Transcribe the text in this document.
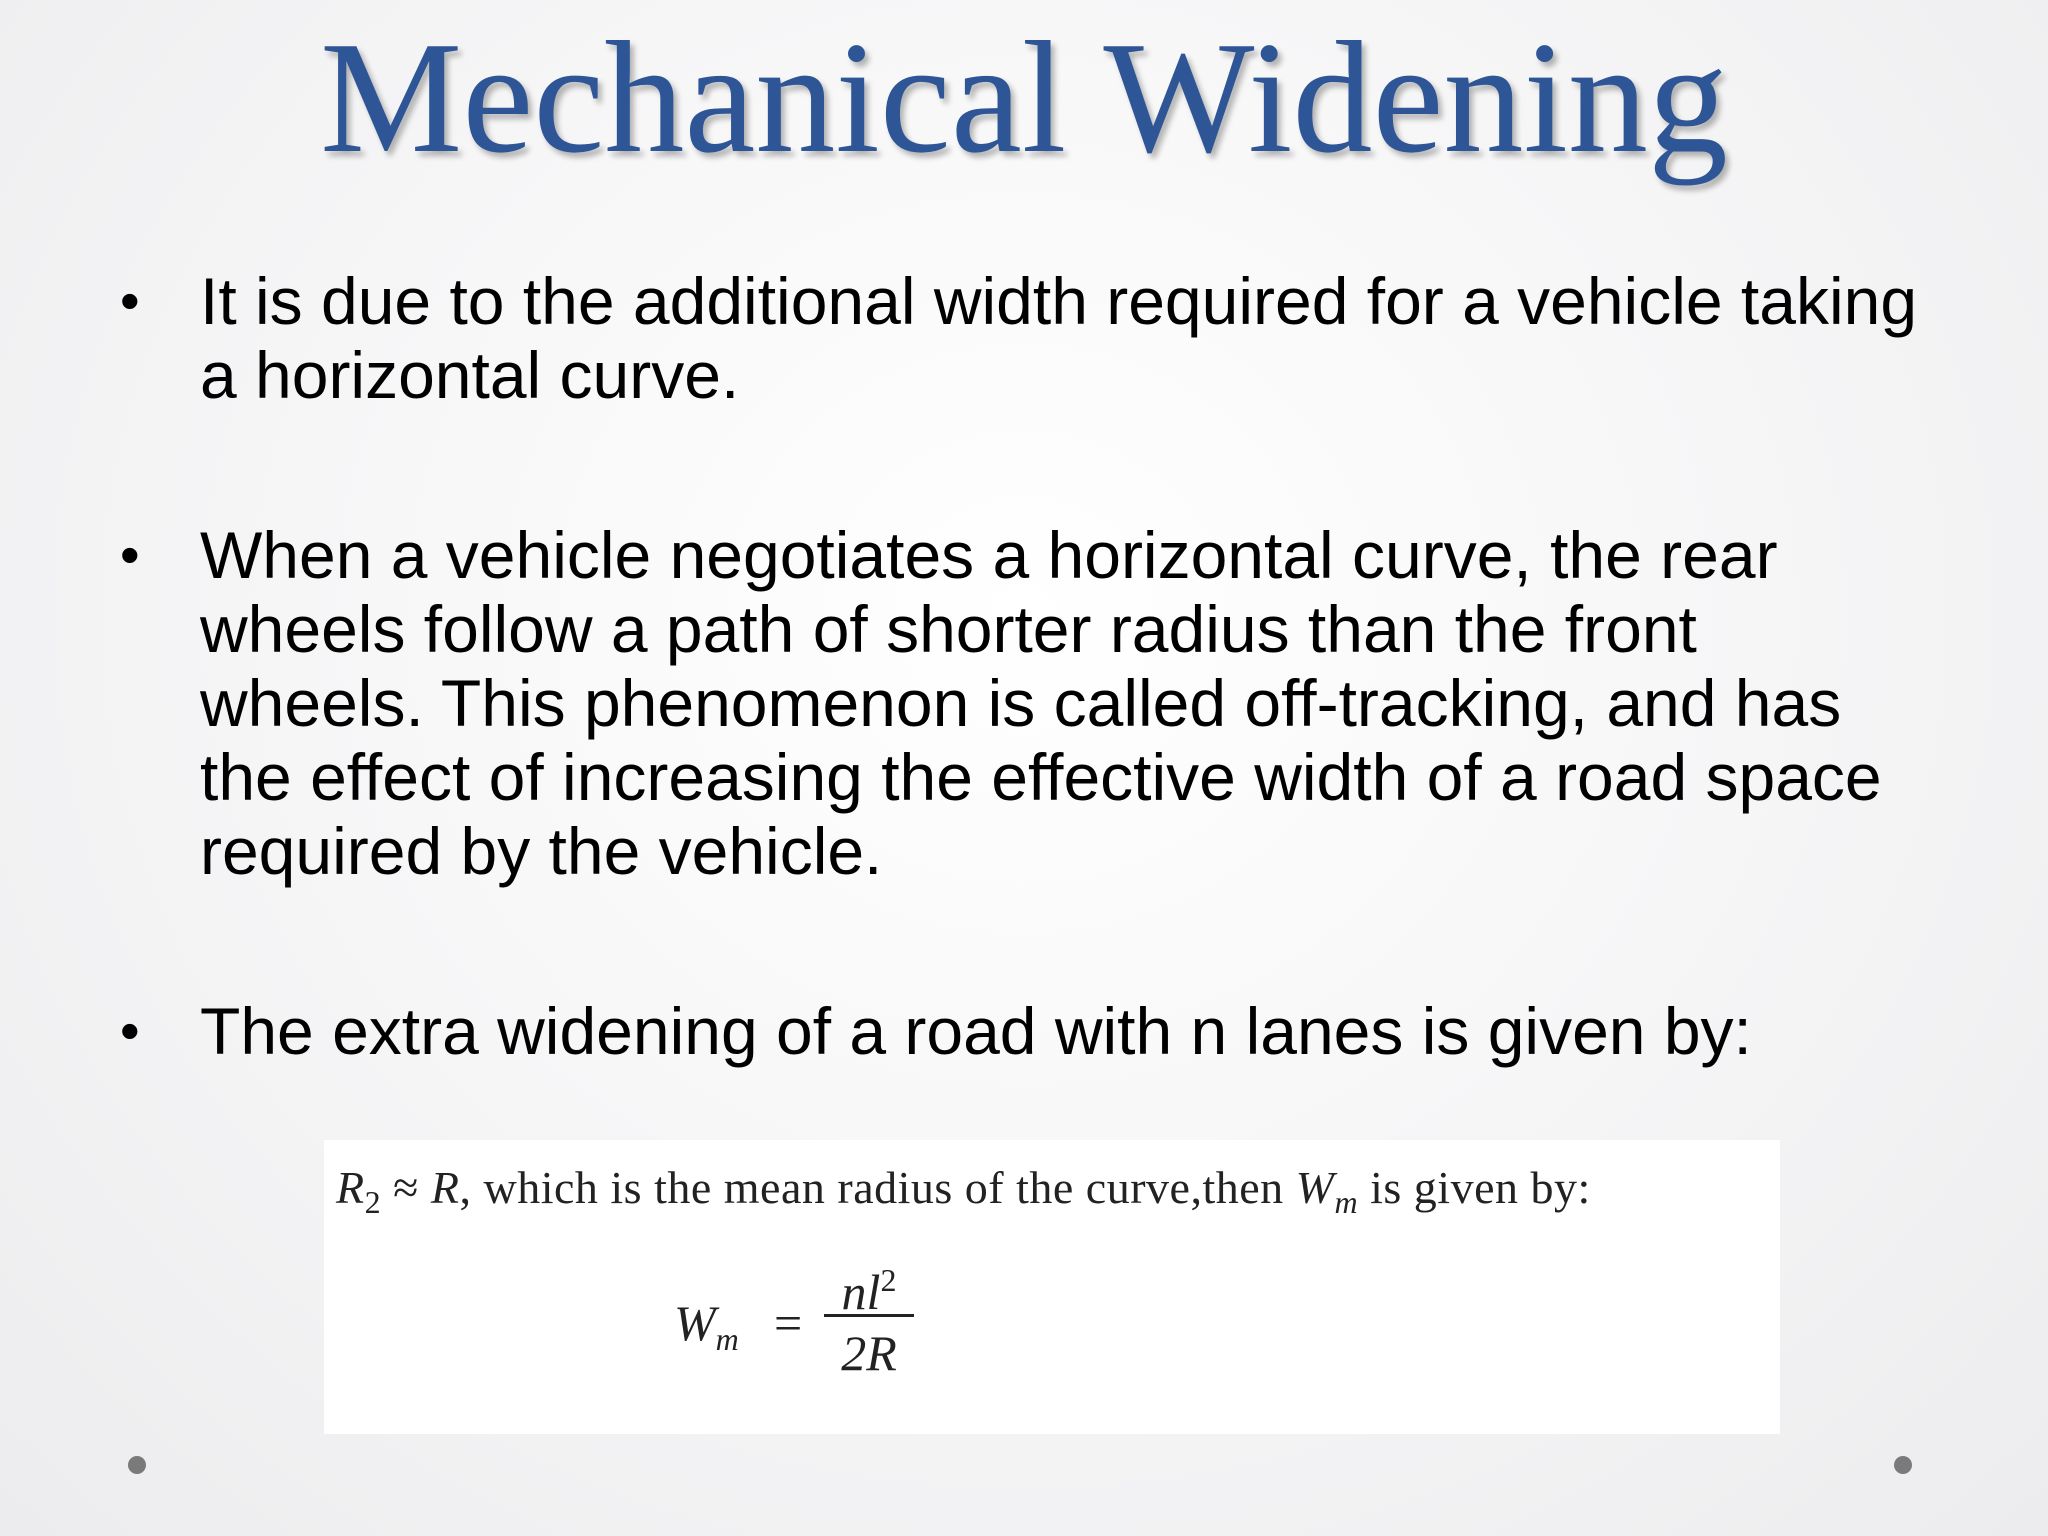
Mechanical Widening
• It is due to the additional width required for a vehicle taking a horizontal curve.
• When a vehicle negotiates a horizontal curve, the rear wheels follow a path of shorter radius than the front wheels. This phenomenon is called off-tracking, and has the effect of increasing the effective width of a road space required by the vehicle.
• The extra widening of a road with n lanes is given by:
$R_2 \approx R$, which is the mean radius of the curve,then $W_m$ is given by:
$W_m$ =
$nl^2$
2R
